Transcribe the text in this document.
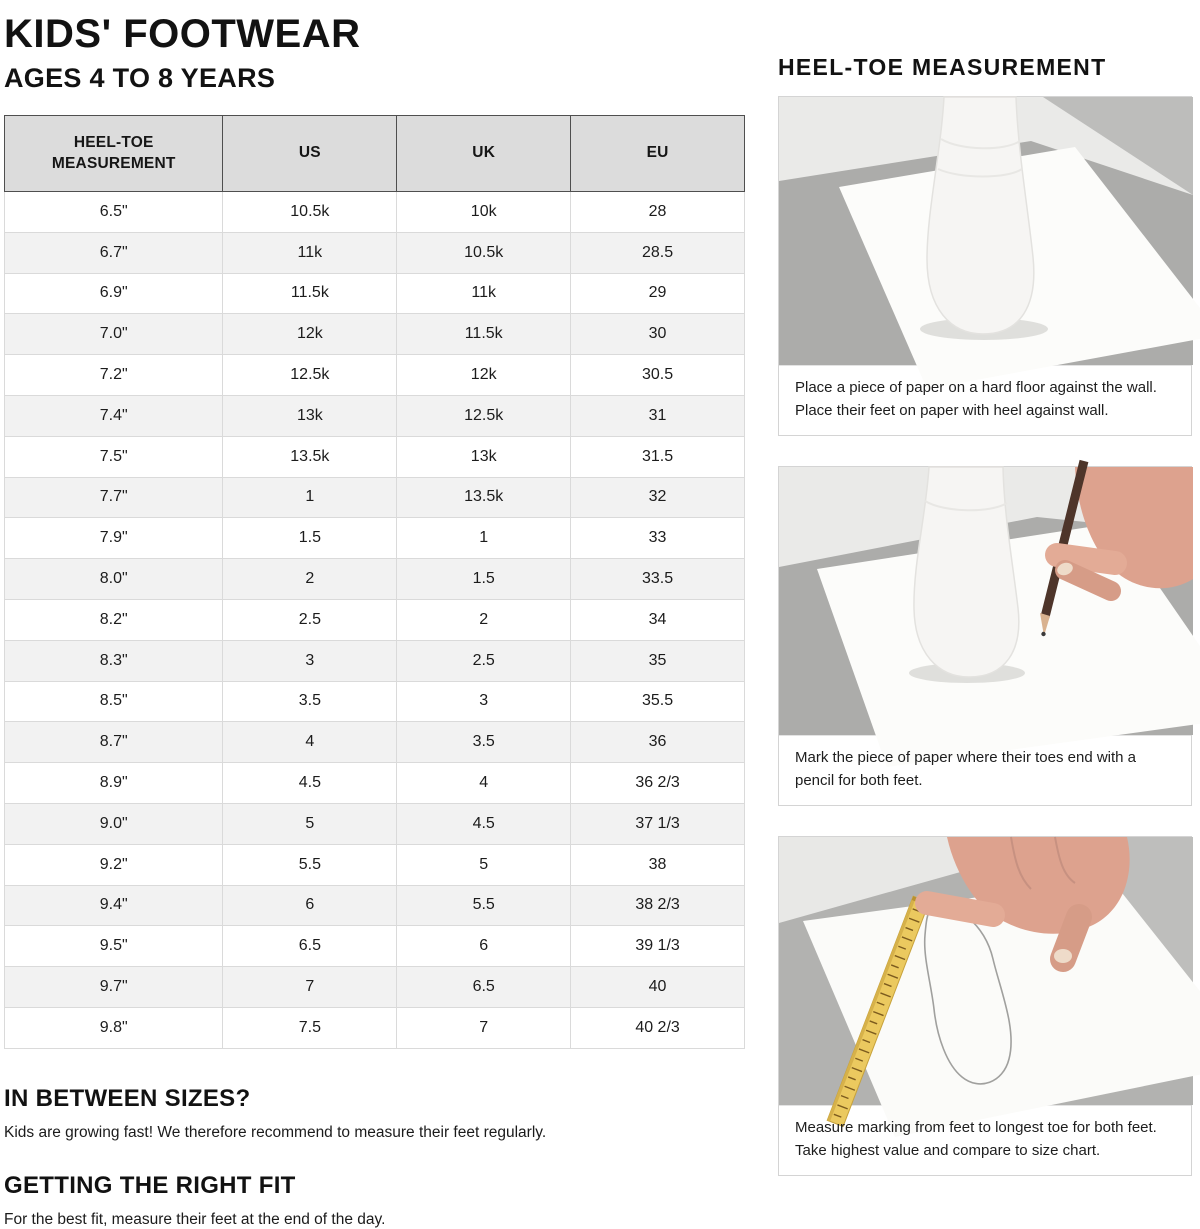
KIDS' FOOTWEAR
AGES 4 TO 8 YEARS
HEEL-TOE MEASUREMENT	US	UK	EU
6.5"	10.5k	10k	28
6.7"	11k	10.5k	28.5
6.9"	11.5k	11k	29
7.0"	12k	11.5k	30
7.2"	12.5k	12k	30.5
7.4"	13k	12.5k	31
7.5"	13.5k	13k	31.5
7.7"	1	13.5k	32
7.9"	1.5	1	33
8.0"	2	1.5	33.5
8.2"	2.5	2	34
8.3"	3	2.5	35
8.5"	3.5	3	35.5
8.7"	4	3.5	36
8.9"	4.5	4	36 2/3
9.0"	5	4.5	37 1/3
9.2"	5.5	5	38
9.4"	6	5.5	38 2/3
9.5"	6.5	6	39 1/3
9.7"	7	6.5	40
9.8"	7.5	7	40 2/3
IN BETWEEN SIZES?

Kids are growing fast! We therefore recommend to measure their feet regularly.

GETTING THE RIGHT FIT

For the best fit, measure their feet at the end of the day.

HEEL-TOE MEASUREMENT
Place a piece of paper on a hard floor against the wall. Place their feet on paper with heel against wall.
Mark the piece of paper where their toes end with a pencil for both feet.
Measure marking from feet to longest toe for both feet. Take highest value and compare to size chart.
